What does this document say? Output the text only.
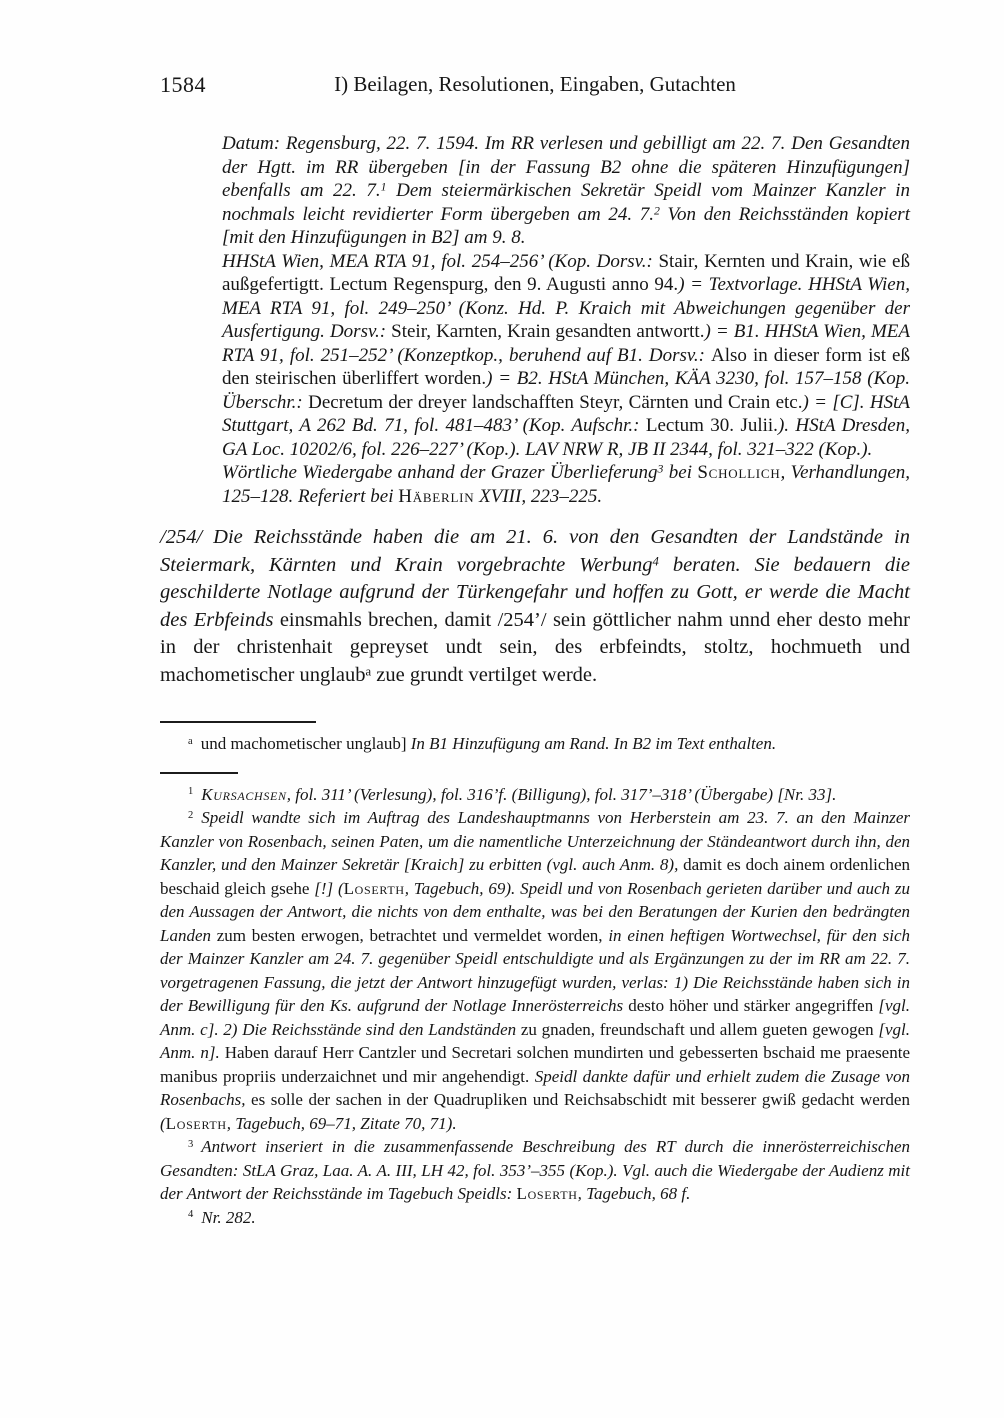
1584	I) Beilagen, Resolutionen, Eingaben, Gutachten

Datum: Regensburg, 22. 7. 1594. Im RR verlesen und gebilligt am 22. 7. Den Gesandten der Hgtt. im RR übergeben [in der Fassung B2 ohne die späteren Hinzufügungen] ebenfalls am 22. 7.$^1$ Dem steiermärkischen Sekretär Speidl vom Mainzer Kanzler in nochmals leicht revidierter Form übergeben am 24. 7.$^2$ Von den Reichsständen kopiert [mit den Hinzufügungen in B2] am 9. 8.

HHStA Wien, MEA RTA 91, fol. 254–256’ (Kop. Dorsv.: Stair, Kernten und Krain, wie eß außgefertigtt. Lectum Regenspurg, den 9. Augusti anno 94.) = Textvorlage. HHStA Wien, MEA RTA 91, fol. 249–250’ (Konz. Hd. P. Kraich mit Abweichungen gegenüber der Ausfertigung. Dorsv.: Steir, Karnten, Krain gesandten antwortt.) = B1. HHStA Wien, MEA RTA 91, fol. 251–252’ (Konzeptkop., beruhend auf B1. Dorsv.: Also in dieser form ist eß den steirischen überliffert worden.) = B2. HStA München, KÄA 3230, fol. 157–158 (Kop. Überschr.: Decretum der dreyer landschafften Steyr, Cärnten und Crain etc.) = [C]. HStA Stuttgart, A 262 Bd. 71, fol. 481–483’ (Kop. Aufschr.: Lectum 30. Julii.). HStA Dresden, GA Loc. 10202/6, fol. 226–227’ (Kop.). LAV NRW R, JB II 2344, fol. 321–322 (Kop.).

Wörtliche Wiedergabe anhand der Grazer Überlieferung$^3$ bei Schollich, Verhandlungen, 125–128. Referiert bei Häberlin XVIII, 223–225.

/254/ Die Reichsstände haben die am 21. 6. von den Gesandten der Landstände in Steiermark, Kärnten und Krain vorgebrachte Werbung$^4$ beraten. Sie bedauern die geschilderte Notlage aufgrund der Türkengefahr und hoffen zu Gott, er werde die Macht des Erbfeinds einsmahls brechen, damit /254’/ sein göttlicher nahm unnd eher desto mehr in der christenhait gepreyset undt sein, des erbfeindts, stoltz, hochmueth und machometischer unglaub$^a$ zue grundt vertilget werde.

$^a$ und machometischer unglaub] In B1 Hinzufügung am Rand. In B2 im Text enthalten.

$^1$ Kursachsen, fol. 311’ (Verlesung), fol. 316’f. (Billigung), fol. 317’–318’ (Übergabe) [Nr. 33].

$^2$ Speidl wandte sich im Auftrag des Landeshauptmanns von Herberstein am 23. 7. an den Mainzer Kanzler von Rosenbach, seinen Paten, um die namentliche Unterzeichnung der Ständeantwort durch ihn, den Kanzler, und den Mainzer Sekretär [Kraich] zu erbitten (vgl. auch Anm. 8), damit es doch ainem ordenlichen beschaid gleich gsehe [!] (Loserth, Tagebuch, 69). Speidl und von Rosenbach gerieten darüber und auch zu den Aussagen der Antwort, die nichts von dem enthalte, was bei den Beratungen der Kurien den bedrängten Landen zum besten erwogen, betrachtet und vermeldet worden, in einen heftigen Wortwechsel, für den sich der Mainzer Kanzler am 24. 7. gegenüber Speidl entschuldigte und als Ergänzungen zu der im RR am 22. 7. vorgetragenen Fassung, die jetzt der Antwort hinzugefügt wurden, verlas: 1) Die Reichsstände haben sich in der Bewilligung für den Ks. aufgrund der Notlage Innerösterreichs desto höher und stärker angegriffen [vgl. Anm. c]. 2) Die Reichsstände sind den Landständen zu gnaden, freundschaft und allem gueten gewogen [vgl. Anm. n]. Haben darauf Herr Cantzler und Secretari solchen mundirten und gebesserten bschaid me praesente manibus propriis underzaichnet und mir angehendigt. Speidl dankte dafür und erhielt zudem die Zusage von Rosenbachs, es solle der sachen in der Quadrupliken und Reichsabschidt mit besserer gwiß gedacht werden (Loserth, Tagebuch, 69–71, Zitate 70, 71).

$^3$ Antwort inseriert in die zusammenfassende Beschreibung des RT durch die innerösterreichischen Gesandten: StLA Graz, Laa. A. A. III, LH 42, fol. 353’–355 (Kop.). Vgl. auch die Wiedergabe der Audienz mit der Antwort der Reichsstände im Tagebuch Speidls: Loserth, Tagebuch, 68 f.

$^4$ Nr. 282.
